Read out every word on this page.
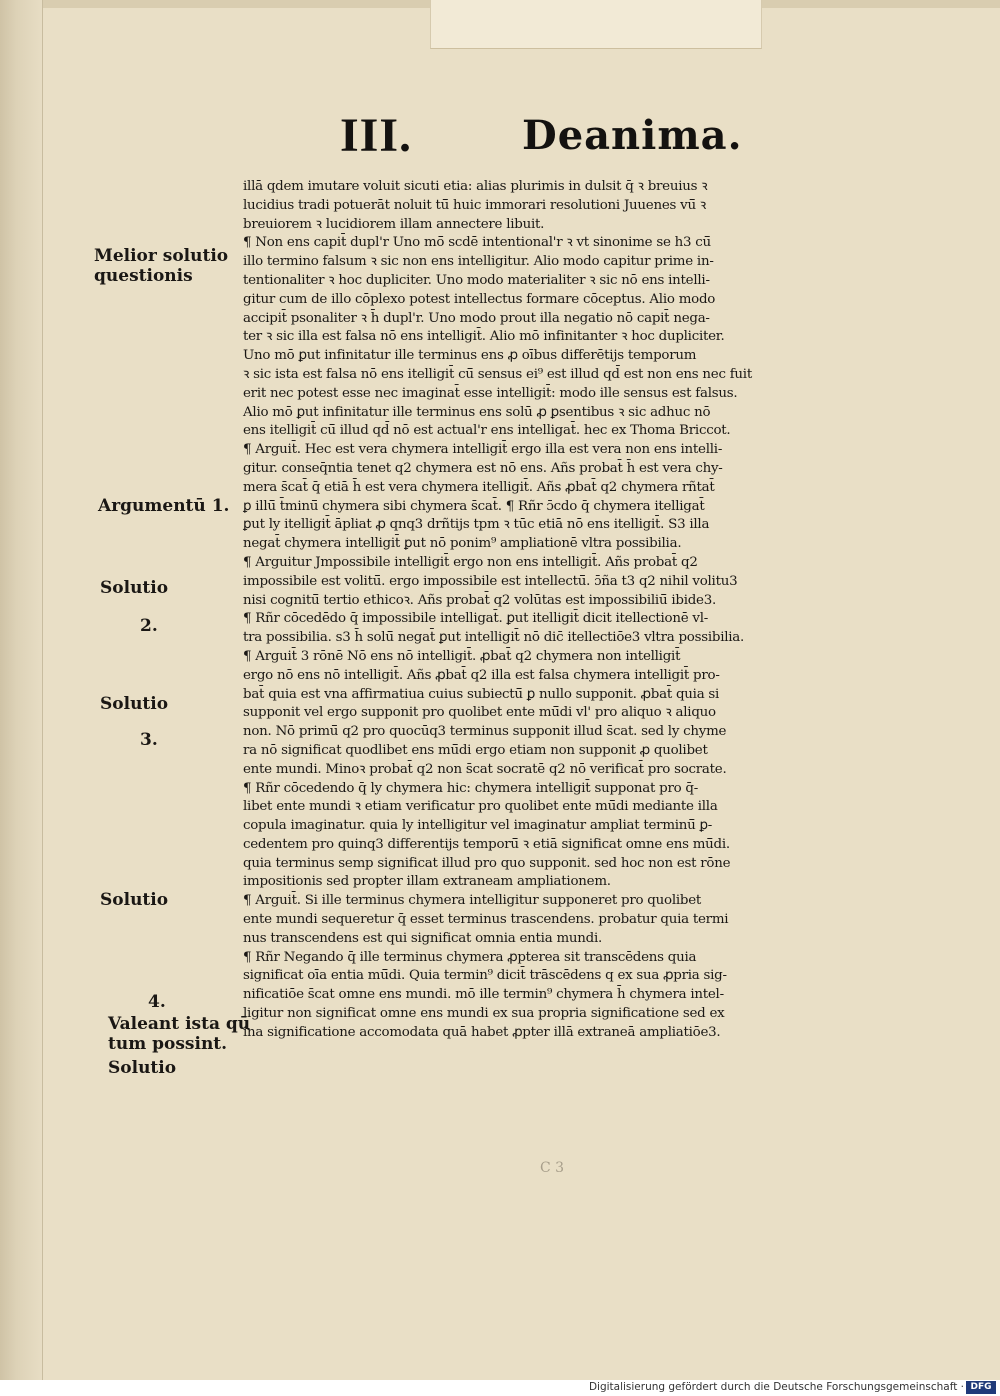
III.	Deanima.
Melior solutio
questionis
Argumentū 1.
Solutio
2.
Solutio
3.
Solutio
4.
Valeant ista qū
tum possint.
Solutio
illā qdem imutare voluit sicuti etia: alias plurimis in dulsit q̄ ꝛ breuius ꝛ
lucidius tradi potuerāt noluit tū̄ huic immorari resolutioni Juuenes vū̄ ꝛ
breuiorem ꝛ lucidiorem illam annectere libuit.
¶ Non ens capit̄ dupl'r Uno mō̄ scdē intentional'r ꝛ vt sinonime se h3 cū̄
illo termino falsum ꝛ sic non ens intelligitur. Alio modo capitur prime in-
tentionaliter ꝛ hoc dupliciter. Uno modo materialiter ꝛ sic nō ens intelli-
gitur cum de illo cōplexo potest intellectus formare cōceptus. Alio modo
accipit̄ psonaliter ꝛ h̄ dupl'r. Uno modo prout illa negatio nō capit̄ nega-
ter ꝛ sic illa est falsa nō ens intelligit̄. Alio mō infinitanter ꝛ hoc dupliciter.
Uno mō ꝑut infinitatur ille terminus ens ꝓ oībus differētijs temporum
ꝛ sic ista est falsa nō ens itelligit̄ cū̄ sensus ei⁹ est illud qd̄ est non ens nec fuit
erit nec potest esse nec imaginat̄ esse intelligit̄: modo ille sensus est falsus.
Alio mō ꝑut infinitatur ille terminus ens solū ꝓ ꝑsentibus ꝛ sic adhuc nō
ens itelligit̄ cū̄ illud qd̄ nō est actual'r ens intelligat̄. hec ex Thoma Briccot.
¶ Arguit̄. Hec est vera chymera intelligit̄ ergo illa est vera non ens intelli-
gitur. conseq̄ntia tenet q2 chymera est nō ens. Añs probat̄ h̄ est vera chy-
mera s̄cat̄ q̄ etiā h̄ est vera chymera itelligit̄. Añs ꝓbat̄ q2 chymera rñtat̄
ꝑ illū̄ t̄minū̄ chymera sibi chymera s̄cat̄. ¶ Rñr ɔ̄cdo q̄ chymera itelligat̄
ꝑut ly itelligit̄ āpliat ꝓ qnq3 drñtijs tpm ꝛ tūc etiā nō ens itelligit̄. S3 illa
negat̄ chymera intelligit̄ ꝑut nō ponim⁹ ampliationē vltra possibilia.
¶ Arguitur Jmpossibile intelligit̄ ergo non ens intelligit̄. Añs probat̄ q2
impossibile est volitū̄. ergo impossibile est intellectū̄. ɔ̄ña t3 q2 nihil volitu3
nisi cognitū̄ tertio ethicoꝛ. Añs probat̄ q2 volūtas est impossibiliū̄ ibide3.
¶ Rñr cōcedēdo q̄ impossibile intelligat̄. ꝑut itelligit̄ dicit itellectionē vl-
tra possibilia. s3 h̄ solū̄ negat̄ ꝑut intelligit̄ nō dic̄ itellectiōe3 vltra possibilia.
¶ Arguit̄ 3 rōnē Nō ens nō intelligit̄. ꝓbat̄ q2 chymera non intelligit̄
ergo nō ens nō intelligit̄. Añs ꝓbat̄ q2 illa est falsa chymera intelligit̄ pro-
bat̄ quia est vna affirmatiua cuius subiectū̄ ꝑ nullo supponit. ꝓbat̄ quia si
supponit vel ergo supponit pro quolibet ente mū̄di vl' pro aliquo ꝛ aliquo
non. Nō primū̄ q2 pro quocūq3 terminus supponit illud s̄cat. sed ly chyme
ra nō significat quodlibet ens mū̄di ergo etiam non supponit ꝓ quolibet
ente mundi. Minoꝛ probat̄ q2 non s̄cat socratē q2 nō verificat̄ pro socrate.
¶ Rñr cōcedendo q̄ ly chymera hic: chymera intelligit̄ supponat pro q̄-
libet ente mundi ꝛ etiam verificatur pro quolibet ente mū̄di mediante illa
copula imaginatur. quia ly intelligitur vel imaginatur ampliat terminū̄ ꝑ-
cedentem pro quinq3 differentijs temporū̄ ꝛ etiā significat omne ens mū̄di.
quia terminus semp significat illud pro quo supponit. sed hoc non est rōne
impositionis sed propter illam extraneam ampliationem.
¶ Arguit̄. Si ille terminus chymera intelligitur supponeret pro quolibet
ente mundi sequeretur q̄ esset terminus trascendens. probatur quia termi
nus transcendens est qui significat omnia entia mundi.
¶ Rñr Negando q̄ ille terminus chymera ꝓpterea sit transcēdens quia
significat oīa entia mū̄di. Quia termin⁹ dicit̄ trāscēdens q ex sua ꝓpria sig-
nificatiōe s̄cat omne ens mundi. mō ille termin⁹ chymera h̄ chymera intel-
ligitur non significat omne ens mundi ex sua propria significatione sed ex
ina significatione accomodata quā habet ꝓpter illā extraneā ampliatiōe3.
C 3
Digitalisierung gefördert durch die Deutsche Forschungsgemeinschaft · DFG
